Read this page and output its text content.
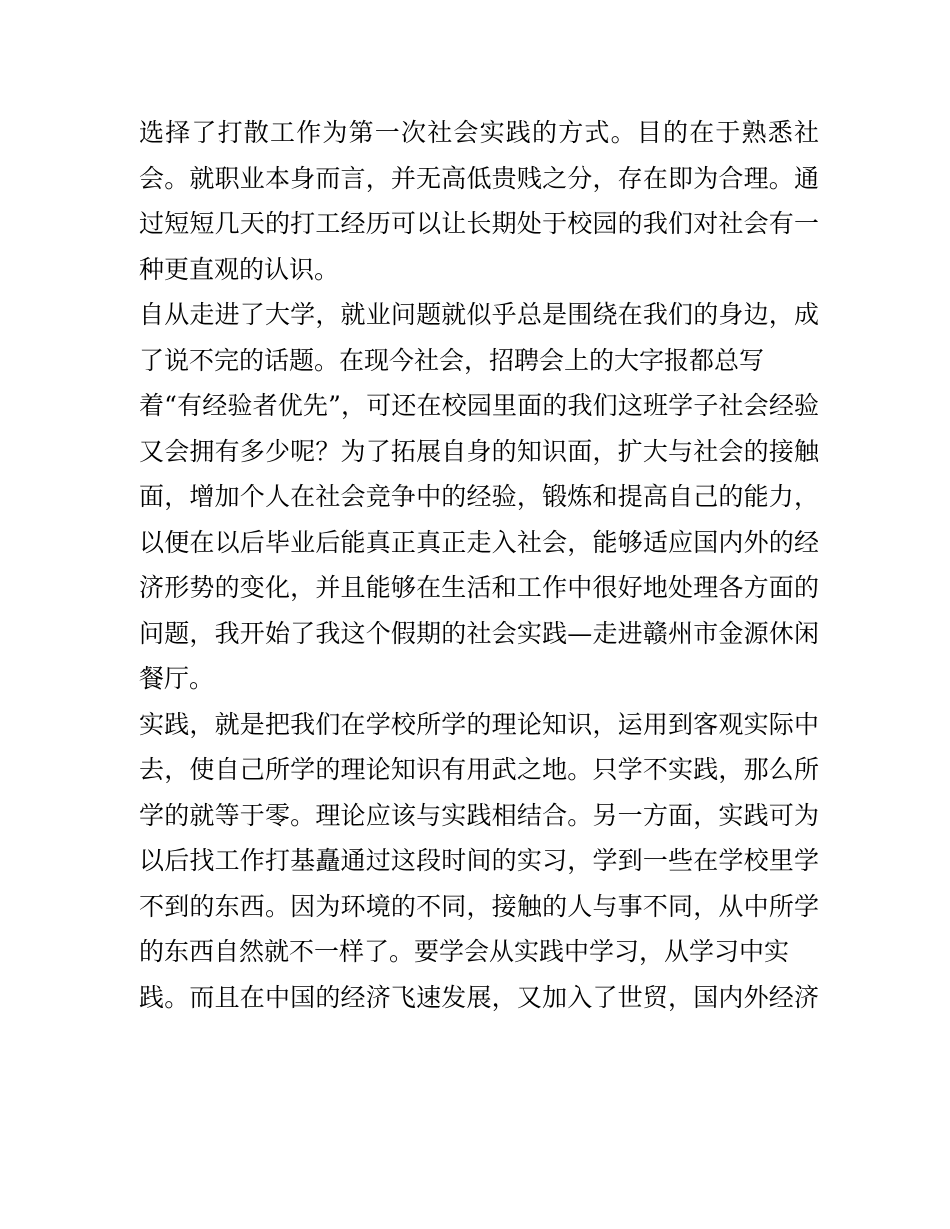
选择了打散工作为第一次社会实践的方式。目的在于熟悉社
会。就职业本身而言，并无高低贵贱之分，存在即为合理。通
过短短几天的打工经历可以让长期处于校园的我们对社会有一
种更直观的认识。
自从走进了大学，就业问题就似乎总是围绕在我们的身边，成
了说不完的话题。在现今社会，招聘会上的大字报都总写
着“有经验者优先”，可还在校园里面的我们这班学子社会经验
又会拥有多少呢？为了拓展自身的知识面，扩大与社会的接触
面，增加个人在社会竞争中的经验，锻炼和提高自己的能力，
以便在以后毕业后能真正真正走入社会，能够适应国内外的经
济形势的变化，并且能够在生活和工作中很好地处理各方面的
问题，我开始了我这个假期的社会实践—走进赣州市金源休闲
餐厅。
实践，就是把我们在学校所学的理论知识，运用到客观实际中
去，使自己所学的理论知识有用武之地。只学不实践，那么所
学的就等于零。理论应该与实践相结合。另一方面，实践可为
以后找工作打基矗通过这段时间的实习，学到一些在学校里学
不到的东西。因为环境的不同，接触的人与事不同，从中所学
的东西自然就不一样了。要学会从实践中学习，从学习中实
践。而且在中国的经济飞速发展，又加入了世贸，国内外经济
